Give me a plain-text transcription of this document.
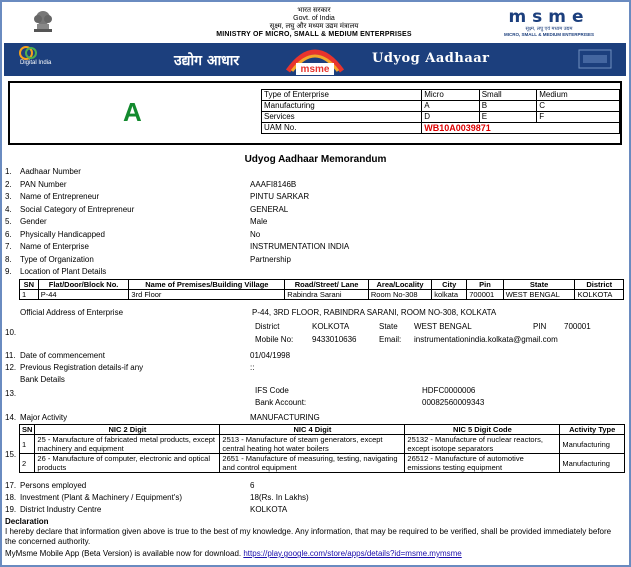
भारत सरकार
Govt. of India
सूक्ष्म, लघु और मध्यम उद्यम मंत्रालय
MINISTRY OF MICRO, SMALL & MEDIUM ENTERPRISES
msme
सूक्ष्म, लघु एवं मध्यम उद्यम
MICRO, SMALL & MEDIUM ENTERPRISES
Digital India	उद्योग आधार
msme
Udyog Aadhaar
A
Type of Enterprise	Micro	Small	Medium
Manufacturing	A	B	C
Services	D	E	F
UAM No.	WB10A0039871		
Udyog Aadhaar Memorandum
1. Aadhaar Number
2. PAN Number	AAAFI8146B
3. Name of Entrepreneur	PINTU SARKAR
4. Social Category of Entrepreneur	GENERAL
5. Gender	Male
6. Physically Handicapped	No
7. Name of Enterprise	INSTRUMENTATION INDIA
8. Type of Organization	Partnership
9. Location of Plant Details
SN	Flat/Door/Block No.	Name of Premises/Building Village	Road/Street/ Lane	Area/Locality	City	Pin	State	District
1	P-44	3rd Floor	Rabindra Sarani	Room No-308	kolkata	700001	WEST BENGAL	KOLKOTA
Official Address of Enterprise	P-44, 3RD FLOOR, RABINDRA SARANI, ROOM NO-308, KOLKATA
10.
District	KOLKOTA	State WEST BENGAL	PIN 700001
Mobile No: 9433010636	Email: instrumentationindia.kolkata@gmail.com
11. Date of commencement	01/04/1998
12. Previous Registration details-if any	::
Bank Details
IFS Code	HDFC0000006
13.
Bank Account:	00082560009343
14. Major Activity	MANUFACTURING
15.
SN	NIC 2 Digit	NIC 4 Digit	NIC 5 Digit Code	Activity Type
1	25 - Manufacture of fabricated metal products, except machinery and equipment	2513 - Manufacture of steam generators, except central heating hot water boilers	25132 - Manufacture of nuclear reactors, except isotope separators	Manufacturing
2	26 - Manufacture of computer, electronic and optical products	2651 - Manufacture of measuring, testing, navigating and control equipment	26512 - Manufacture of automotive emissions testing equipment	Manufacturing
17. Persons employed	6
18. Investment (Plant & Machinery / Equipment's)	18(Rs. In Lakhs)
19. District Industry Centre	KOLKOTA
Declaration
I hereby declare that information given above is true to the best of my knowledge. Any information, that may be required to be verified, shall be provided immediately before the concerned authority.
MyMsme Mobile App (Beta Version) is available now for download. https://play.google.com/store/apps/details?id=msme.mymsme
